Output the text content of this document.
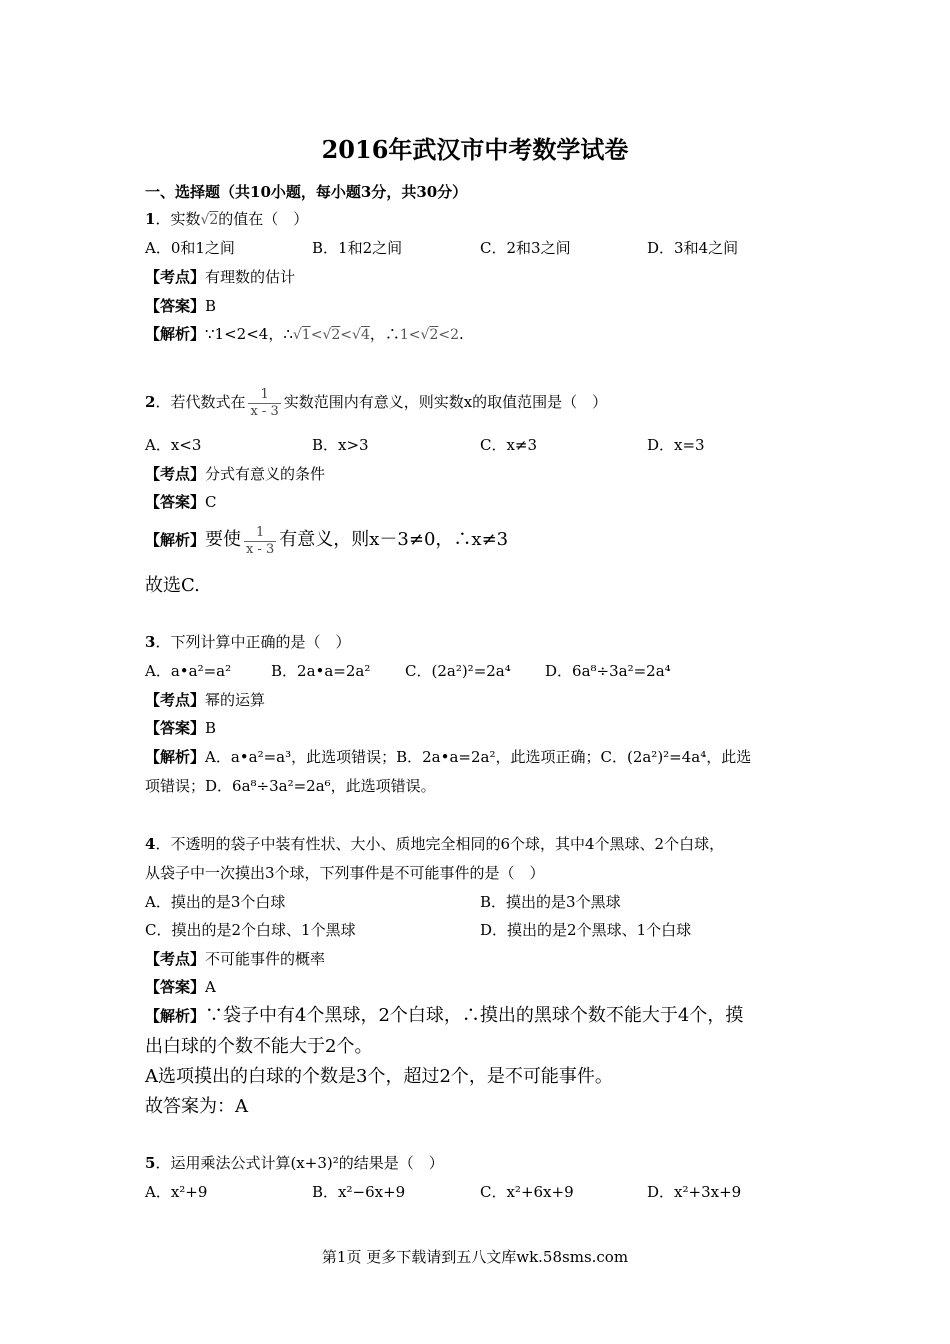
2016年武汉市中考数学试卷
一、选择题（共10小题，每小题3分，共30分）
1．实数√2的值在（　）
A．0和1之间	B．1和2之间	C．2和3之间	D．3和4之间
【考点】有理数的估计
【答案】B
【解析】∵1<2<4，∴√1<√2<√4，∴1<√2<2.
2．若代数式在 $\frac{1}{x - 3}$ 实数范围内有意义，则实数x的取值范围是（　）
A．x<3	B．x>3	C．x≠3	D．x=3
【考点】分式有意义的条件
【答案】C
【解析】要使 $\frac{1}{x - 3}$ 有意义，则x－3≠0，∴x≠3
故选C.
3．下列计算中正确的是（　）
A．a•a²=a²	B．2a•a=2a² C．(2a²)²=2a⁴ D．6a⁸÷3a²=2a⁴
【考点】幂的运算
【答案】B
【解析】A．a•a²=a³，此选项错误；B．2a•a=2a²，此选项正确；C．(2a²)²=4a⁴，此选
项错误；D．6a⁸÷3a²=2a⁶，此选项错误。
4．不透明的袋子中装有性状、大小、质地完全相同的6个球，其中4个黑球、2个白球，
从袋子中一次摸出3个球，下列事件是不可能事件的是（　）
A．摸出的是3个白球	B．摸出的是3个黑球
C．摸出的是2个白球、1个黑球	D．摸出的是2个黑球、1个白球
【考点】不可能事件的概率
【答案】A
【解析】∵袋子中有4个黑球，2个白球，∴摸出的黑球个数不能大于4个，摸
出白球的个数不能大于2个。
A选项摸出的白球的个数是3个，超过2个，是不可能事件。
故答案为：A
5．运用乘法公式计算(x+3)²的结果是（　）
A．x²+9	B．x²−6x+9	C．x²+6x+9	D．x²+3x+9
第1页 更多下载请到五八文库wk.58sms.com
